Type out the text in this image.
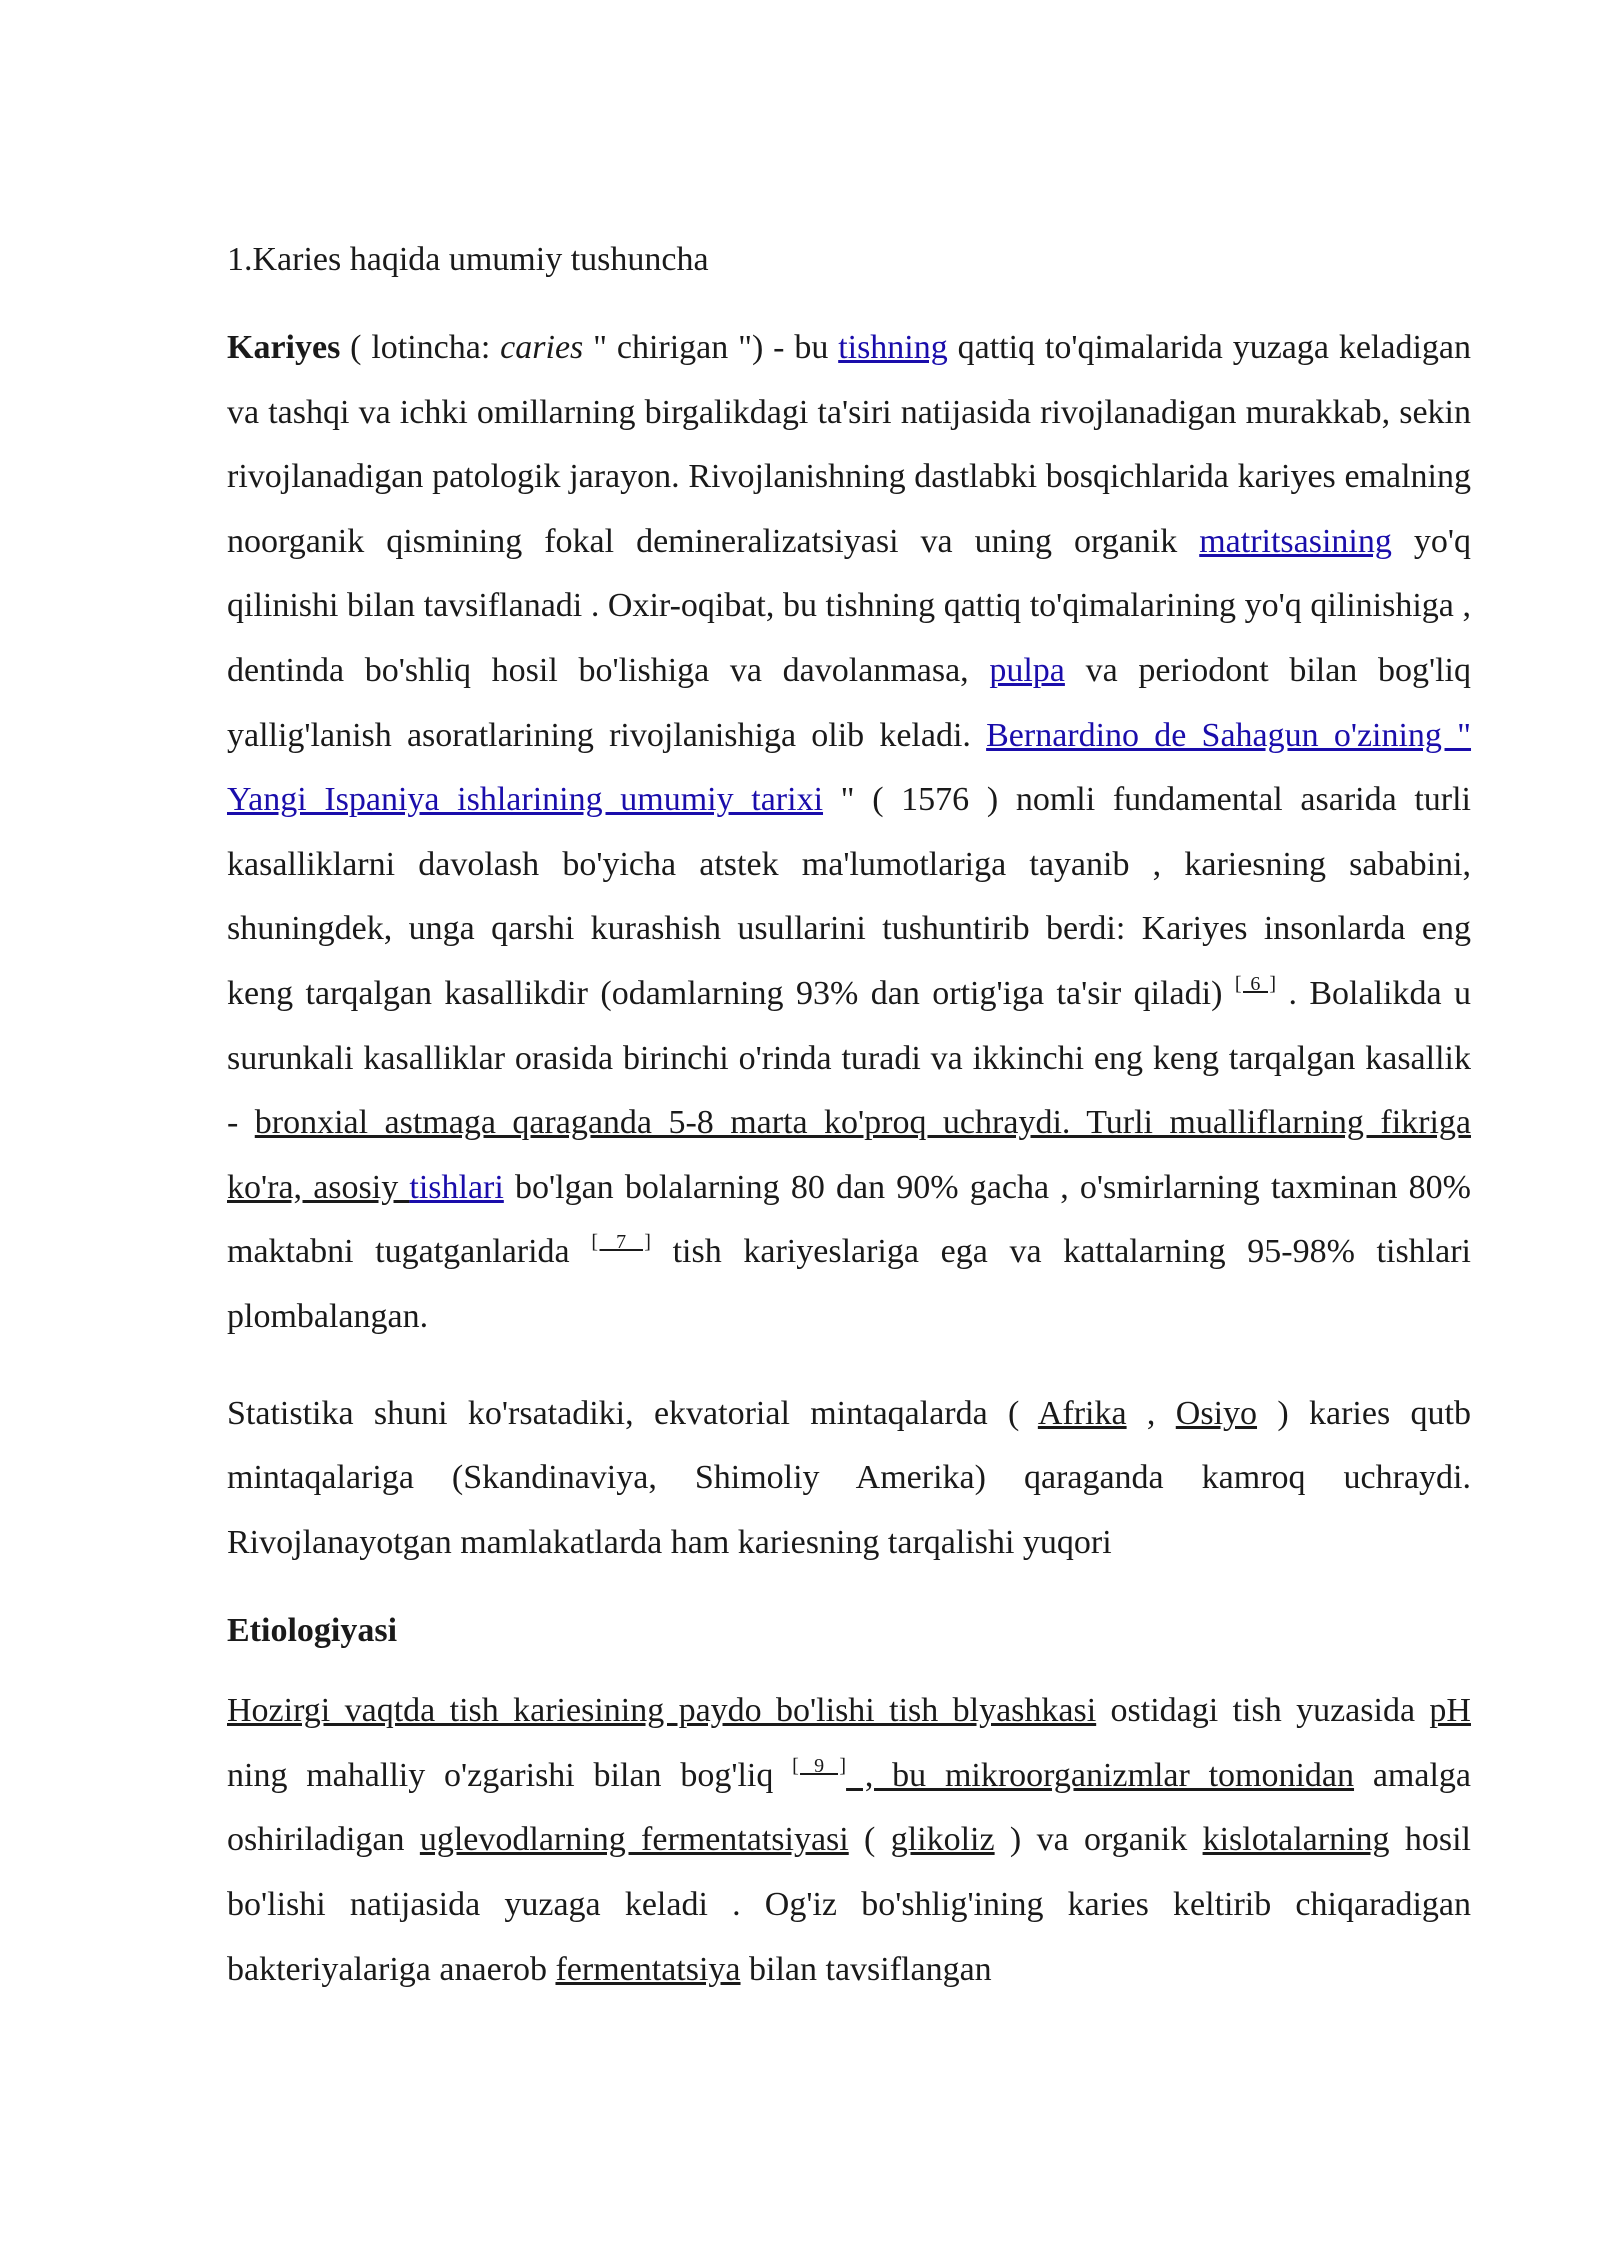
1.Karies haqida umumiy tushuncha

Kariyes ( lotincha: caries " chirigan ") - bu tishning qattiq to'qimalarida yuzaga keladigan va tashqi va ichki omillarning birgalikdagi ta'siri natijasida rivojlanadigan murakkab, sekin rivojlanadigan patologik jarayon. Rivojlanishning dastlabki bosqichlarida kariyes emalning noorganik qismining fokal demineralizatsiyasi va uning organik matritsasining yo'q qilinishi bilan tavsiflanadi . Oxir-oqibat, bu tishning qattiq to'qimalarining yo'q qilinishiga , dentinda bo'shliq hosil bo'lishiga va davolanmasa, pulpa va periodont bilan bog'liq yallig'lanish asoratlarining rivojlanishiga olib keladi. Bernardino de Sahagun o'zining " Yangi Ispaniya ishlarining umumiy tarixi " ( 1576 ) nomli fundamental asarida turli kasalliklarni davolash bo'yicha atstek ma'lumotlariga tayanib , kariesning sababini, shuningdek, unga qarshi kurashish usullarini tushuntirib berdi: Kariyes insonlarda eng keng tarqalgan kasallikdir (odamlarning 93% dan ortig'iga ta'sir qiladi) [ 6 ] . Bolalikda u surunkali kasalliklar orasida birinchi o'rinda turadi va ikkinchi eng keng tarqalgan kasallik - bronxial astmaga qaraganda 5-8 marta ko'proq uchraydi. Turli mualliflarning fikriga ko'ra, asosiy tishlari bo'lgan bolalarning 80 dan 90% gacha , o'smirlarning taxminan 80% maktabni tugatganlarida [ 7 ] tish kariyeslariga ega va kattalarning 95-98% tishlari plombalangan.

Statistika shuni ko'rsatadiki, ekvatorial mintaqalarda ( Afrika , Osiyo ) karies qutb mintaqalariga (Skandinaviya, Shimoliy Amerika) qaraganda kamroq uchraydi. Rivojlanayotgan mamlakatlarda ham kariesning tarqalishi yuqori

Etiologiyasi

Hozirgi vaqtda tish kariesining paydo bo'lishi tish blyashkasi ostidagi tish yuzasida pH ning mahalliy o'zgarishi bilan bog'liq [ 9 ] , bu mikroorganizmlar tomonidan amalga oshiriladigan uglevodlarning fermentatsiyasi ( glikoliz ) va organik kislotalarning hosil bo'lishi natijasida yuzaga keladi . Og'iz bo'shlig'ining karies keltirib chiqaradigan bakteriyalariga anaerob fermentatsiya bilan tavsiflangan
